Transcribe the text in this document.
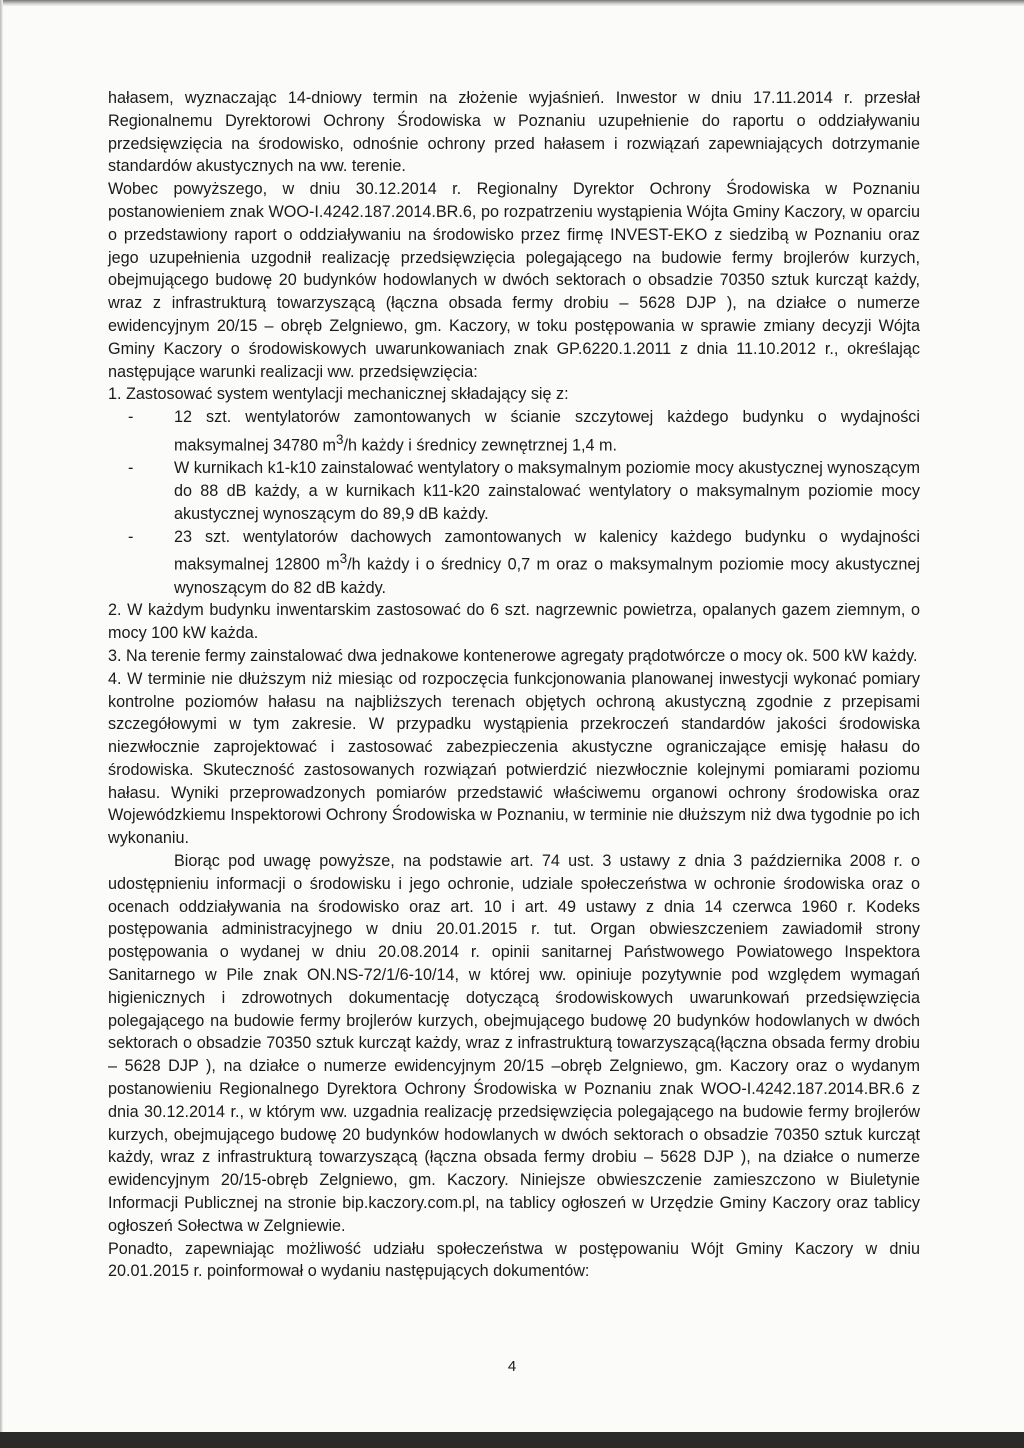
hałasem, wyznaczając 14-dniowy termin na złożenie wyjaśnień. Inwestor w dniu 17.11.2014 r. przesłał Regionalnemu Dyrektorowi Ochrony Środowiska w Poznaniu uzupełnienie do raportu o oddziaływaniu przedsięwzięcia na środowisko, odnośnie ochrony przed hałasem i rozwiązań zapewniających dotrzymanie standardów akustycznych na ww. terenie.

Wobec powyższego, w dniu 30.12.2014 r. Regionalny Dyrektor Ochrony Środowiska w Poznaniu postanowieniem znak WOO-I.4242.187.2014.BR.6, po rozpatrzeniu wystąpienia Wójta Gminy Kaczory, w oparciu o przedstawiony raport o oddziaływaniu na środowisko przez firmę INVEST-EKO z siedzibą w Poznaniu oraz jego uzupełnienia uzgodnił realizację przedsięwzięcia polegającego na budowie fermy brojlerów kurzych, obejmującego budowę 20 budynków hodowlanych w dwóch sektorach o obsadzie 70350 sztuk kurcząt każdy, wraz z infrastrukturą towarzyszącą (łączna obsada fermy drobiu – 5628 DJP ), na działce o numerze ewidencyjnym 20/15 – obręb Zelgniewo, gm. Kaczory, w toku postępowania w sprawie zmiany decyzji Wójta Gminy Kaczory o środowiskowych uwarunkowaniach znak GP.6220.1.2011 z dnia 11.10.2012 r., określając następujące warunki realizacji ww. przedsięwzięcia:

1. Zastosować system wentylacji mechanicznej składający się z:

-	12 szt. wentylatorów zamontowanych w ścianie szczytowej każdego budynku o wydajności maksymalnej 34780 $m^3/h$ każdy i średnicy zewnętrznej 1,4 m.
-	W kurnikach k1-k10 zainstalować wentylatory o maksymalnym poziomie mocy akustycznej wynoszącym do 88 dB każdy, a w kurnikach k11-k20 zainstalować wentylatory o maksymalnym poziomie mocy akustycznej wynoszącym do 89,9 dB każdy.
-	23 szt. wentylatorów dachowych zamontowanych w kalenicy każdego budynku o wydajności maksymalnej 12800 $m^3/h$ każdy i o średnicy 0,7 m oraz o maksymalnym poziomie mocy akustycznej wynoszącym do 82 dB każdy.

2. W każdym budynku inwentarskim zastosować do 6 szt. nagrzewnic powietrza, opalanych gazem ziemnym, o mocy 100 kW każda.

3. Na terenie fermy zainstalować dwa jednakowe kontenerowe agregaty prądotwórcze o mocy ok. 500 kW każdy.

4. W terminie nie dłuższym niż miesiąc od rozpoczęcia funkcjonowania planowanej inwestycji wykonać pomiary kontrolne poziomów hałasu na najbliższych terenach objętych ochroną akustyczną zgodnie z przepisami szczegółowymi w tym zakresie. W przypadku wystąpienia przekroczeń standardów jakości środowiska niezwłocznie zaprojektować i zastosować zabezpieczenia akustyczne ograniczające emisję hałasu do środowiska. Skuteczność zastosowanych rozwiązań potwierdzić niezwłocznie kolejnymi pomiarami poziomu hałasu. Wyniki przeprowadzonych pomiarów przedstawić właściwemu organowi ochrony środowiska oraz Wojewódzkiemu Inspektorowi Ochrony Środowiska w Poznaniu, w terminie nie dłuższym niż dwa tygodnie po ich wykonaniu.

Biorąc pod uwagę powyższe, na podstawie art. 74 ust. 3 ustawy z dnia 3 października 2008 r. o udostępnieniu informacji o środowisku i jego ochronie, udziale społeczeństwa w ochronie środowiska oraz o ocenach oddziaływania na środowisko oraz art. 10 i art. 49 ustawy z dnia 14 czerwca 1960 r. Kodeks postępowania administracyjnego w dniu 20.01.2015 r. tut. Organ obwieszczeniem zawiadomił strony postępowania o wydanej w dniu 20.08.2014 r. opinii sanitarnej Państwowego Powiatowego Inspektora Sanitarnego w Pile znak ON.NS-72/1/6-10/14, w której ww. opiniuje pozytywnie pod względem wymagań higienicznych i zdrowotnych dokumentację dotyczącą środowiskowych uwarunkowań przedsięwzięcia polegającego na budowie fermy brojlerów kurzych, obejmującego budowę 20 budynków hodowlanych w dwóch sektorach o obsadzie 70350 sztuk kurcząt każdy, wraz z infrastrukturą towarzyszącą(łączna obsada fermy drobiu – 5628 DJP ), na działce o numerze ewidencyjnym 20/15 –obręb Zelgniewo, gm. Kaczory oraz o wydanym postanowieniu Regionalnego Dyrektora Ochrony Środowiska w Poznaniu znak WOO-I.4242.187.2014.BR.6 z dnia 30.12.2014 r., w którym ww. uzgadnia realizację przedsięwzięcia polegającego na budowie fermy brojlerów kurzych, obejmującego budowę 20 budynków hodowlanych w dwóch sektorach o obsadzie 70350 sztuk kurcząt każdy, wraz z infrastrukturą towarzyszącą (łączna obsada fermy drobiu – 5628 DJP ), na działce o numerze ewidencyjnym 20/15-obręb Zelgniewo, gm. Kaczory. Niniejsze obwieszczenie zamieszczono w Biuletynie Informacji Publicznej na stronie bip.kaczory.com.pl, na tablicy ogłoszeń w Urzędzie Gminy Kaczory oraz tablicy ogłoszeń Sołectwa w Zelgniewie.

Ponadto, zapewniając możliwość udziału społeczeństwa w postępowaniu Wójt Gminy Kaczory w dniu 20.01.2015 r. poinformował o wydaniu następujących dokumentów:

4
